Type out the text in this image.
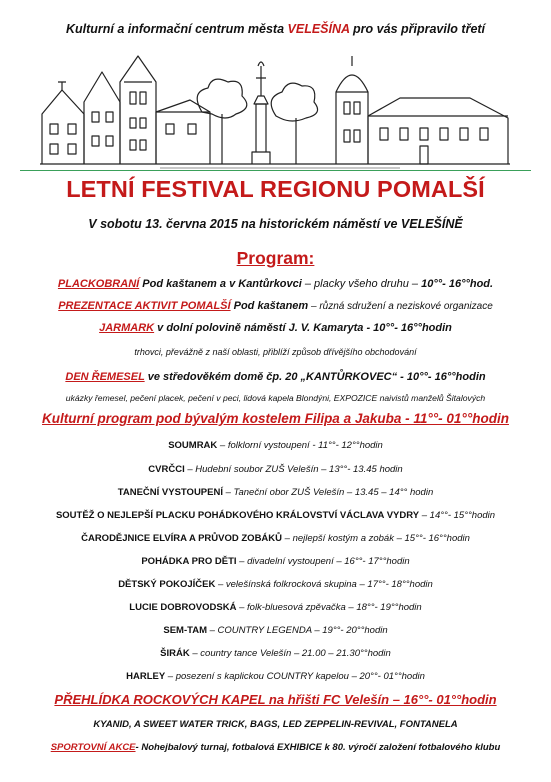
Kulturní a informační centrum města VELEŠÍNA pro vás připravilo třetí
LETNÍ FESTIVAL REGIONU POMALŠÍ
V sobotu 13. června 2015 na historickém náměstí ve VELEŠÍNĚ
Program:
PLACKOBRANÍ Pod kaštanem a v Kantůrkovci – placky všeho druhu – 10°°- 16°°hod.
PREZENTACE AKTIVIT POMALŠÍ Pod kaštanem – různá sdružení a neziskové organizace
JARMARK v dolní polovině náměstí J. V. Kamaryta - 10°°- 16°°hodin
trhovci, převážně z naší oblasti, přiblíží způsob dřívějšího obchodování
DEN ŘEMESEL ve středověkém domě čp. 20 „KANTŮRKOVEC“ - 10°°- 16°°hodin
ukázky řemesel, pečení placek, pečení v peci, lidová kapela Blondýni, EXPOZICE naivistů manželů Šitalových
Kulturní program pod bývalým kostelem Filipa a Jakuba - 11°°- 01°°hodin
SOUMRAK – folklorní vystoupení - 11°°- 12°°hodin
CVRČCI – Hudební soubor ZUŠ Velešín – 13°°- 13.45 hodin
TANEČNÍ VYSTOUPENÍ – Taneční obor ZUŠ Velešín – 13.45 – 14°° hodin
SOUTĚŽ O NEJLEPŠÍ PLACKU POHÁDKOVÉHO KRÁLOVSTVÍ VÁCLAVA VYDRY – 14°°- 15°°hodin
ČARODĚJNICE ELVÍRA A PRŮVOD ZOBÁKŮ – nejlepší kostým a zobák – 15°°- 16°°hodin
POHÁDKA PRO DĚTI – divadelní vystoupení – 16°°- 17°°hodin
DĚTSKÝ POKOJÍČEK – velešínská folkrocková skupina – 17°°- 18°°hodin
LUCIE DOBROVODSKÁ – folk-bluesová zpěvačka – 18°°- 19°°hodin
SEM-TAM – COUNTRY LEGENDA – 19°°- 20°°hodin
ŠIRÁK – country tance Velešín – 21.00 – 21.30°°hodin
HARLEY – posezení s kaplickou COUNTRY kapelou – 20°°- 01°°hodin
PŘEHLÍDKA ROCKOVÝCH KAPEL na hřišti FC Velešín – 16°°- 01°°hodin
KYANID, A SWEET WATER TRICK, BAGS, LED ZEPPELIN-REVIVAL, FONTANELA
SPORTOVNÍ AKCE- Nohejbalový turnaj, fotbalová EXHIBICE k 80. výročí založení fotbalového klubu
